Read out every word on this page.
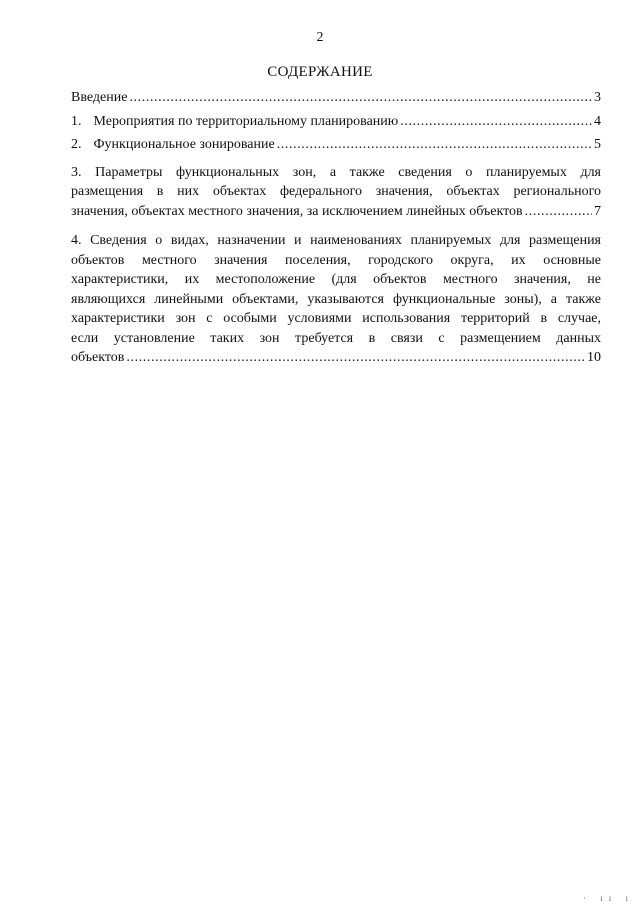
2
СОДЕРЖАНИЕ
Введение .....	3
1. Мероприятия по территориальному планированию .....	4
2. Функциональное зонирование .....	5
3. Параметры функциональных зон, а также сведения о планируемых для
размещения в них объектах федерального значения, объектах регионального
значения, объектах местного значения, за исключением линейных объектов .....	7
4. Сведения о видах, назначении и наименованиях планируемых для размещения
объектов местного значения поселения, городского округа, их основные
характеристики, их местоположение (для объектов местного значения, не
являющихся линейными объектами, указываются функциональные зоны), а также
характеристики зон с особыми условиями использования территорий в случае,
если установление таких зон требуется в связи с размещением данных
объектов .....	10
· ıı ı
